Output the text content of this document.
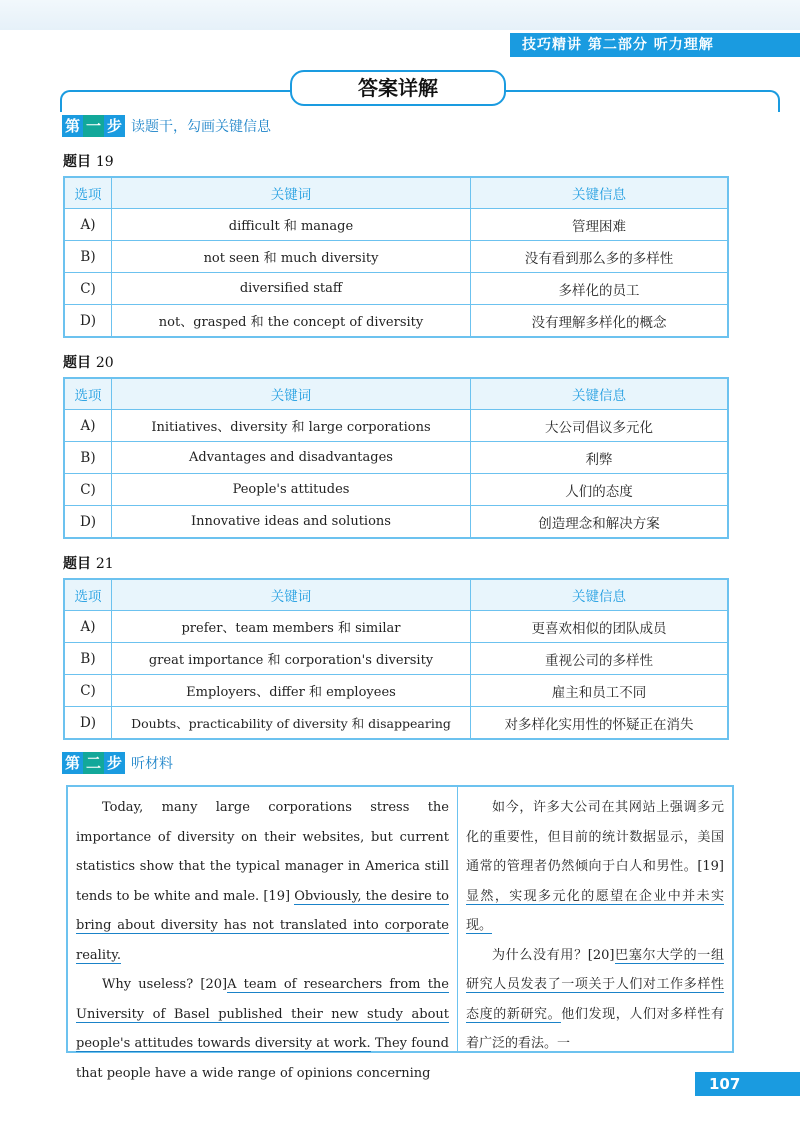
技巧精讲 第二部分 听力理解
答案详解
第 一 步 读题干，勾画关键信息
题目 19
选项	关键词	关键信息
A)	difficult 和 manage	管理困难
B)	not seen 和 much diversity	没有看到那么多的多样性
C)	diversified staff	多样化的员工
D)	not、grasped 和 the concept of diversity	没有理解多样化的概念
题目 20
选项	关键词	关键信息
A)	Initiatives、diversity 和 large corporations	大公司倡议多元化
B)	Advantages and disadvantages	利弊
C)	People's attitudes	人们的态度
D)	Innovative ideas and solutions	创造理念和解决方案
题目 21
选项	关键词	关键信息
A)	prefer、team members 和 similar	更喜欢相似的团队成员
B)	great importance 和 corporation's diversity	重视公司的多样性
C)	Employers、differ 和 employees	雇主和员工不同
D)	Doubts、practicability of diversity 和 disappearing	对多样化实用性的怀疑正在消失
第 二 步 听材料

Today, many large corporations stress the importance of diversity on their websites, but current statistics show that the typical manager in America still tends to be white and male. [19] Obviously, the desire to bring about diversity has not translated into corporate reality.

Why useless? [20]A team of researchers from the University of Basel published their new study about people's attitudes towards diversity at work. They found that people have a wide range of opinions concerning

如今，许多大公司在其网站上强调多元化的重要性，但目前的统计数据显示，美国通常的管理者仍然倾向于白人和男性。[19]显然，实现多元化的愿望在企业中并未实现。

为什么没有用？[20]巴塞尔大学的一组研究人员发表了一项关于人们对工作多样性态度的新研究。他们发现，人们对多样性有着广泛的看法。一

107
